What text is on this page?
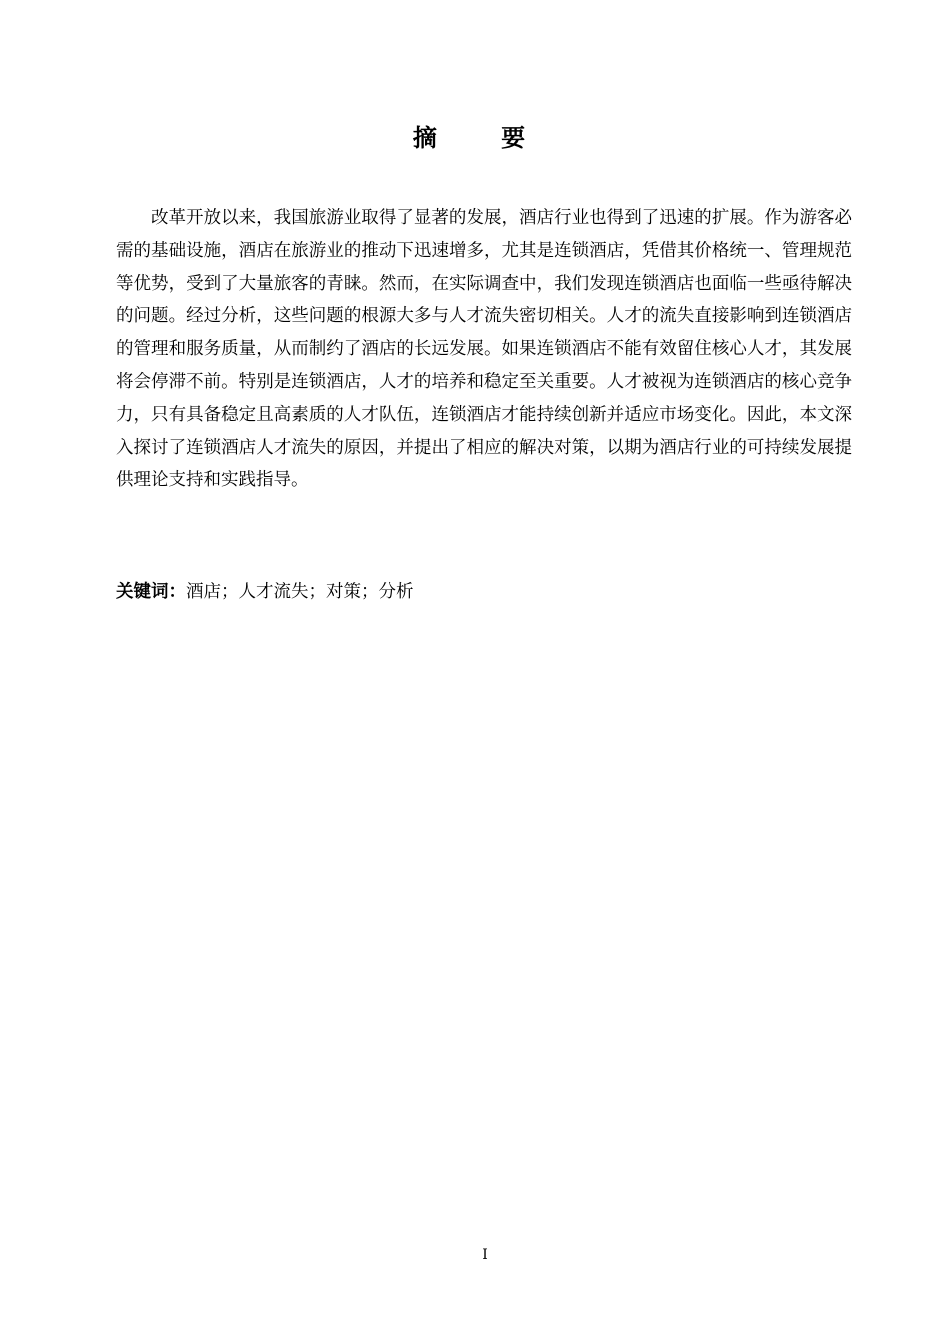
摘 要

改革开放以来，我国旅游业取得了显著的发展，酒店行业也得到了迅速的扩展。作为游客必需的基础设施，酒店在旅游业的推动下迅速增多，尤其是连锁酒店，凭借其价格统一、管理规范等优势，受到了大量旅客的青睐。然而，在实际调查中，我们发现连锁酒店也面临一些亟待解决的问题。经过分析，这些问题的根源大多与人才流失密切相关。人才的流失直接影响到连锁酒店的管理和服务质量，从而制约了酒店的长远发展。如果连锁酒店不能有效留住核心人才，其发展将会停滞不前。特别是连锁酒店，人才的培养和稳定至关重要。人才被视为连锁酒店的核心竞争力，只有具备稳定且高素质的人才队伍，连锁酒店才能持续创新并适应市场变化。因此，本文深入探讨了连锁酒店人才流失的原因，并提出了相应的解决对策，以期为酒店行业的可持续发展提供理论支持和实践指导。

关键词：酒店；人才流失；对策；分析

I
